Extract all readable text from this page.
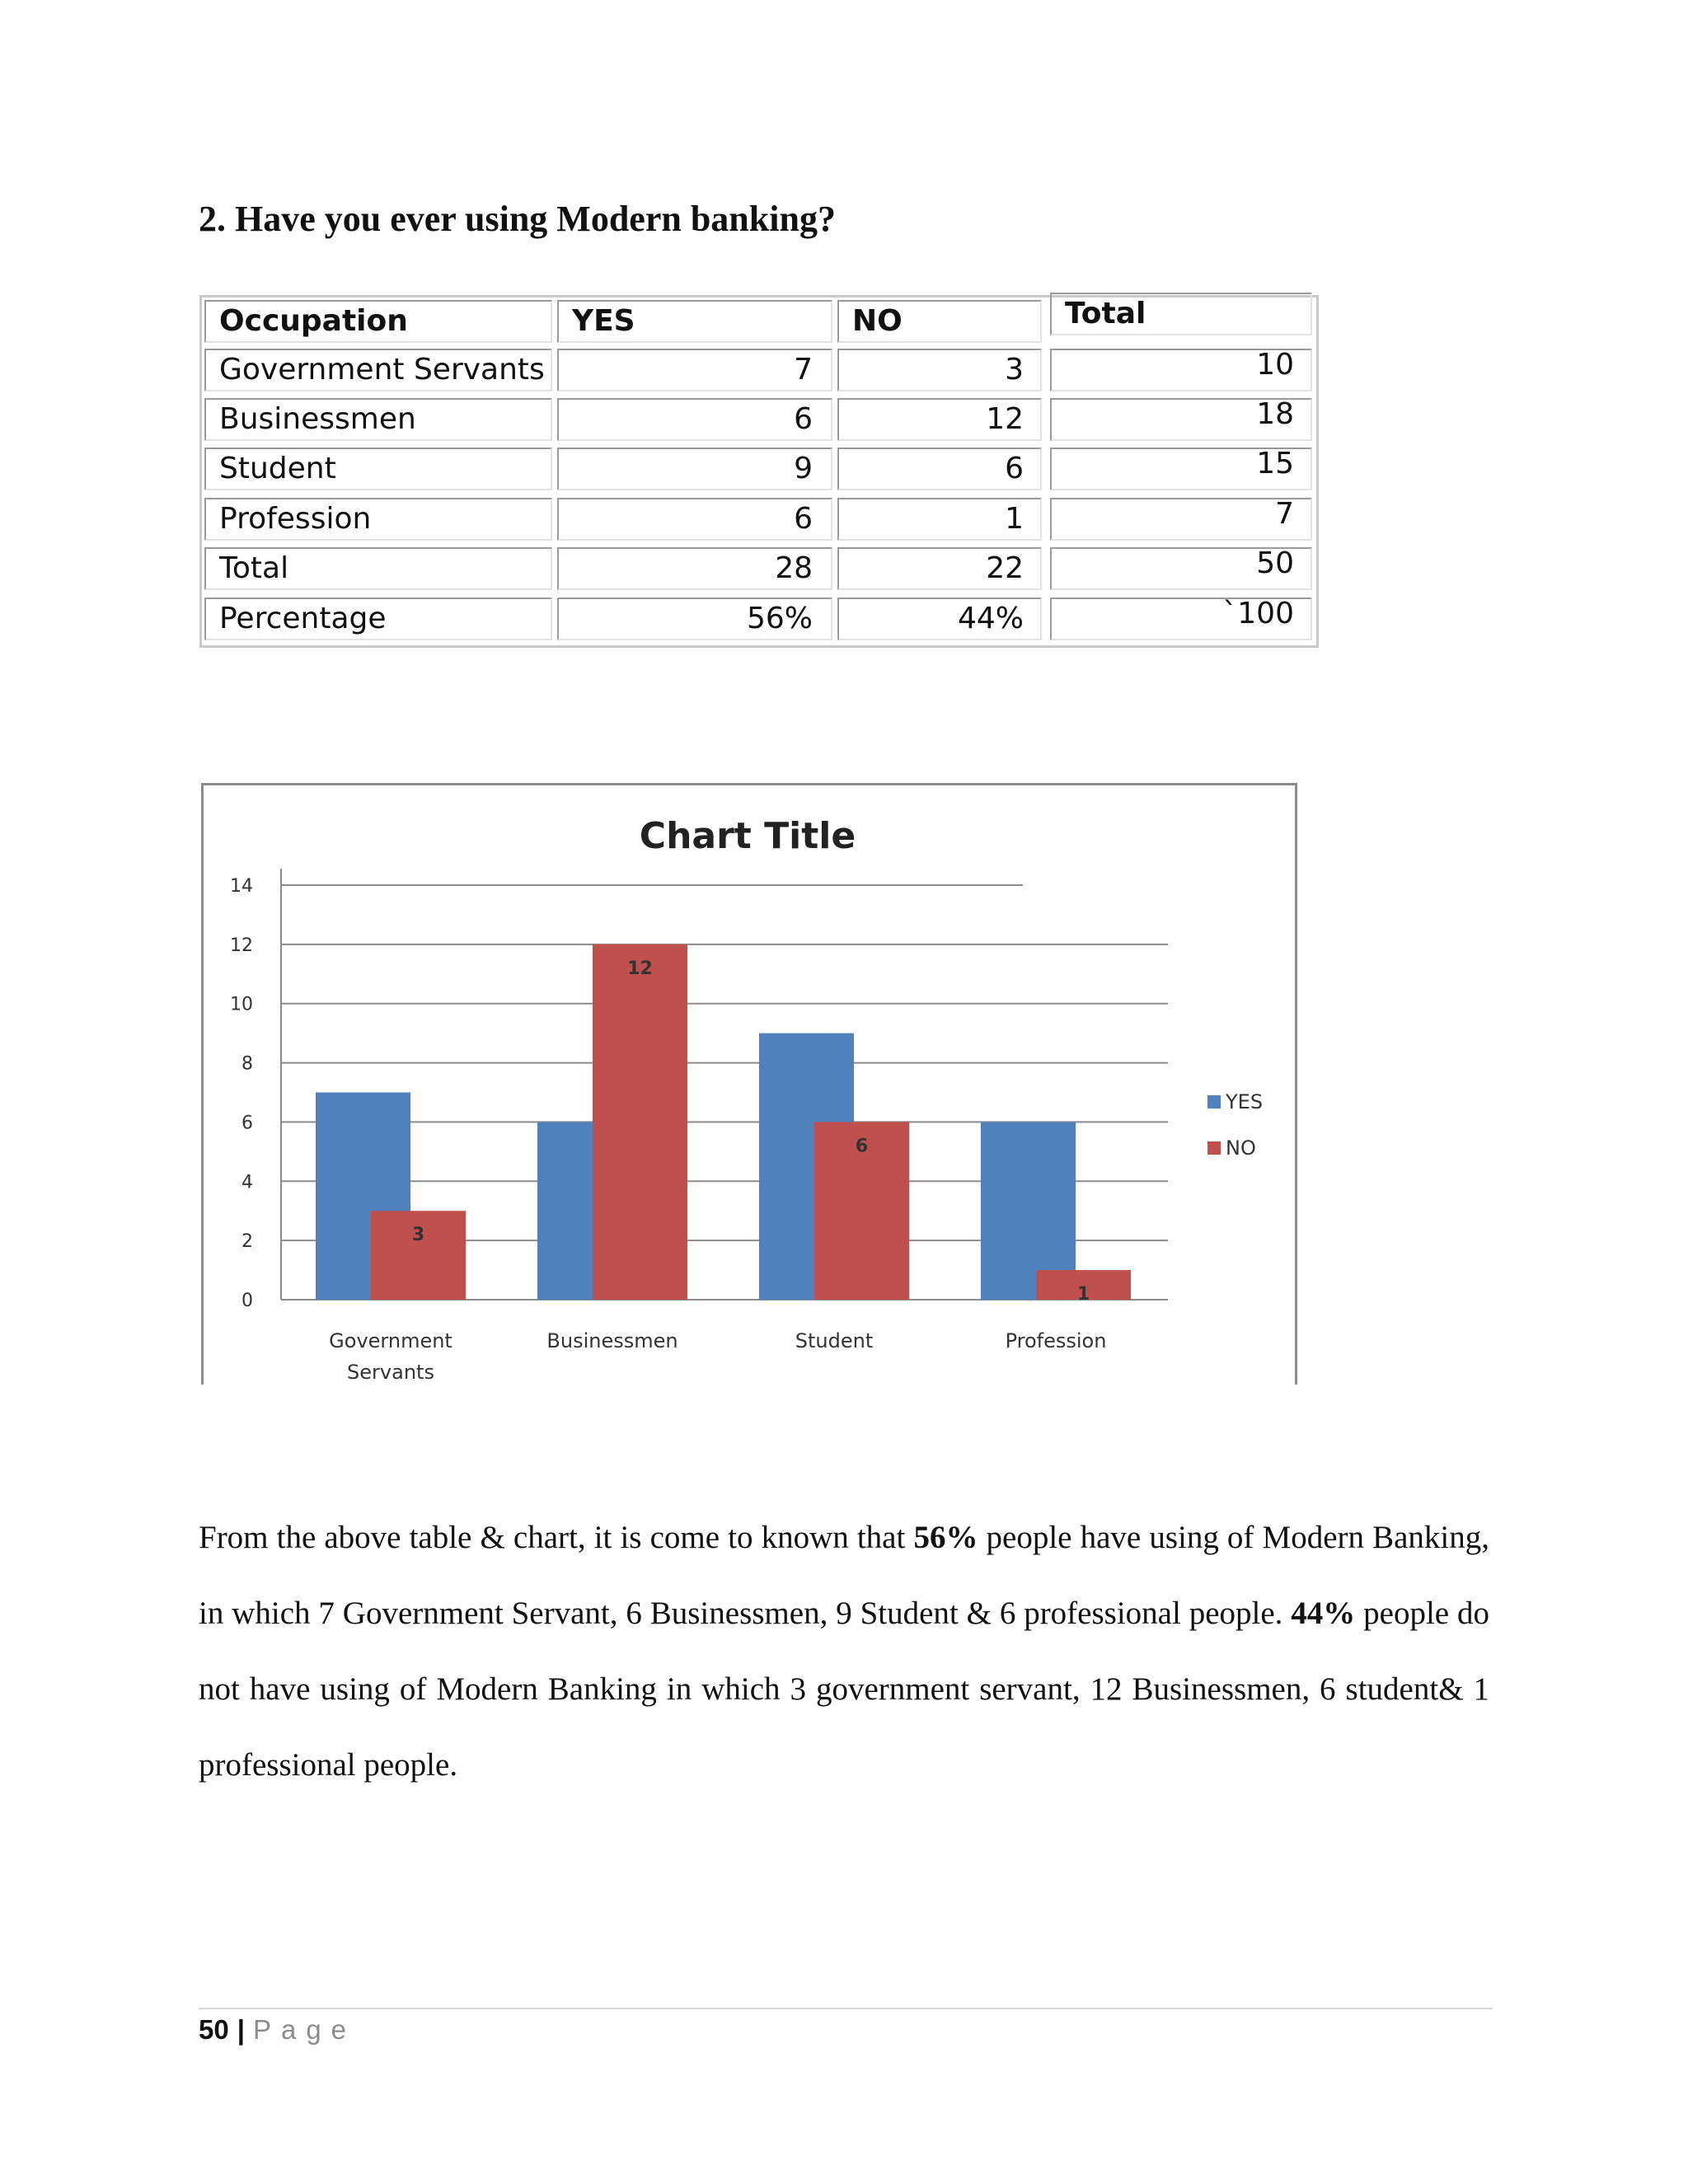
2. Have you ever using Modern banking?
Occupation	YES	NO	Total
Government Servants	7	3	10
Businessmen	6	12	18
Student	9	6	15
Profession	6	1	7
Total	28	22	50
Percentage	56%	44%	`100
Chart Title
0
2
4
6
8
10
12
14
3
Government
Servants
12
Businessmen
6
Student
1
Profession
YES
NO

From the above table & chart, it is come to known that 56% people have using of Modern Banking, in which 7 Government Servant, 6 Businessmen, 9 Student & 6 professional people. 44% people do not have using of Modern Banking in which 3 government servant, 12 Businessmen, 6 student& 1 professional people.

50 | Page
